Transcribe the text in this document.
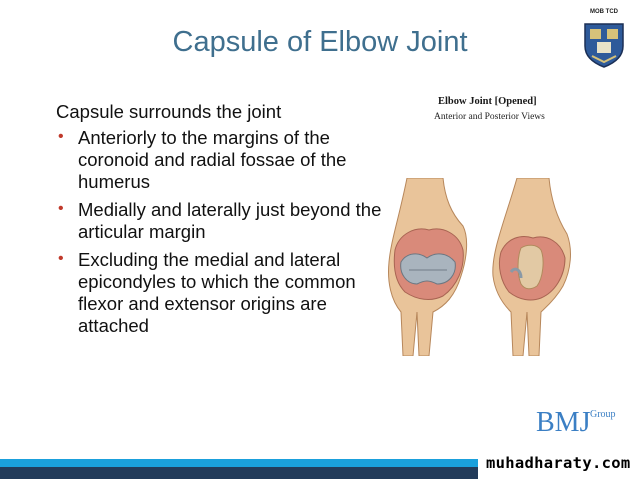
MOB TCD
Capsule of Elbow Joint

Capsule surrounds the joint

• Anteriorly to the margins of the coronoid and radial fossae of the humerus
• Medially and laterally just beyond the articular margin
• Excluding the medial and lateral epicondyles to which the common flexor and extensor origins are attached
Elbow Joint [Opened]
Anterior and Posterior Views
BMJ Group
muhadharaty.com
